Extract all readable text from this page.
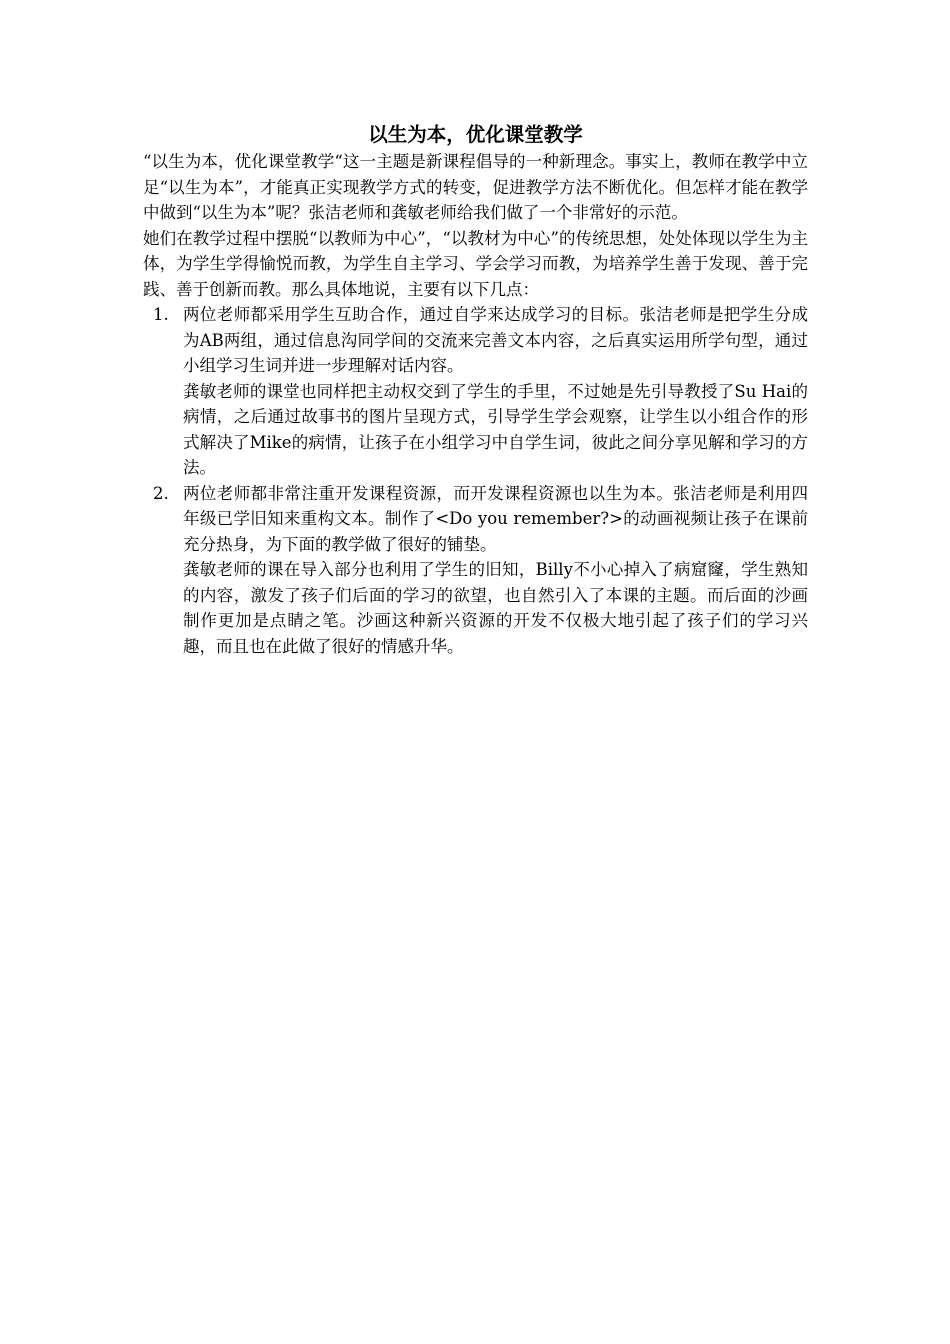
以生为本，优化课堂教学

“以生为本，优化课堂教学“这一主题是新课程倡导的一种新理念。事实上，教师在教学中立足“以生为本”，才能真正实现教学方式的转变，促进教学方法不断优化。但怎样才能在教学中做到“以生为本”呢？张洁老师和龚敏老师给我们做了一个非常好的示范。

她们在教学过程中摆脱“以教师为中心”，“以教材为中心”的传统思想，处处体现以学生为主体，为学生学得愉悦而教，为学生自主学习、学会学习而教，为培养学生善于发现、善于完践、善于创新而教。那么具体地说，主要有以下几点：

1. 两位老师都采用学生互助合作，通过自学来达成学习的目标。张洁老师是把学生分成为AB两组，通过信息沟同学间的交流来完善文本内容，之后真实运用所学句型，通过小组学习生词并进一步理解对话内容。

龚敏老师的课堂也同样把主动权交到了学生的手里，不过她是先引导教授了Su Hai的病情，之后通过故事书的图片呈现方式，引导学生学会观察，让学生以小组合作的形式解决了Mike的病情，让孩子在小组学习中自学生词，彼此之间分享见解和学习的方法。

2. 两位老师都非常注重开发课程资源，而开发课程资源也以生为本。张洁老师是利用四年级已学旧知来重构文本。制作了<Do you remember?>的动画视频让孩子在课前充分热身，为下面的教学做了很好的铺垫。

龚敏老师的课在导入部分也利用了学生的旧知，Billy不小心掉入了病窟窿，学生熟知的内容，激发了孩子们后面的学习的欲望，也自然引入了本课的主题。而后面的沙画制作更加是点睛之笔。沙画这种新兴资源的开发不仅极大地引起了孩子们的学习兴趣，而且也在此做了很好的情感升华。
